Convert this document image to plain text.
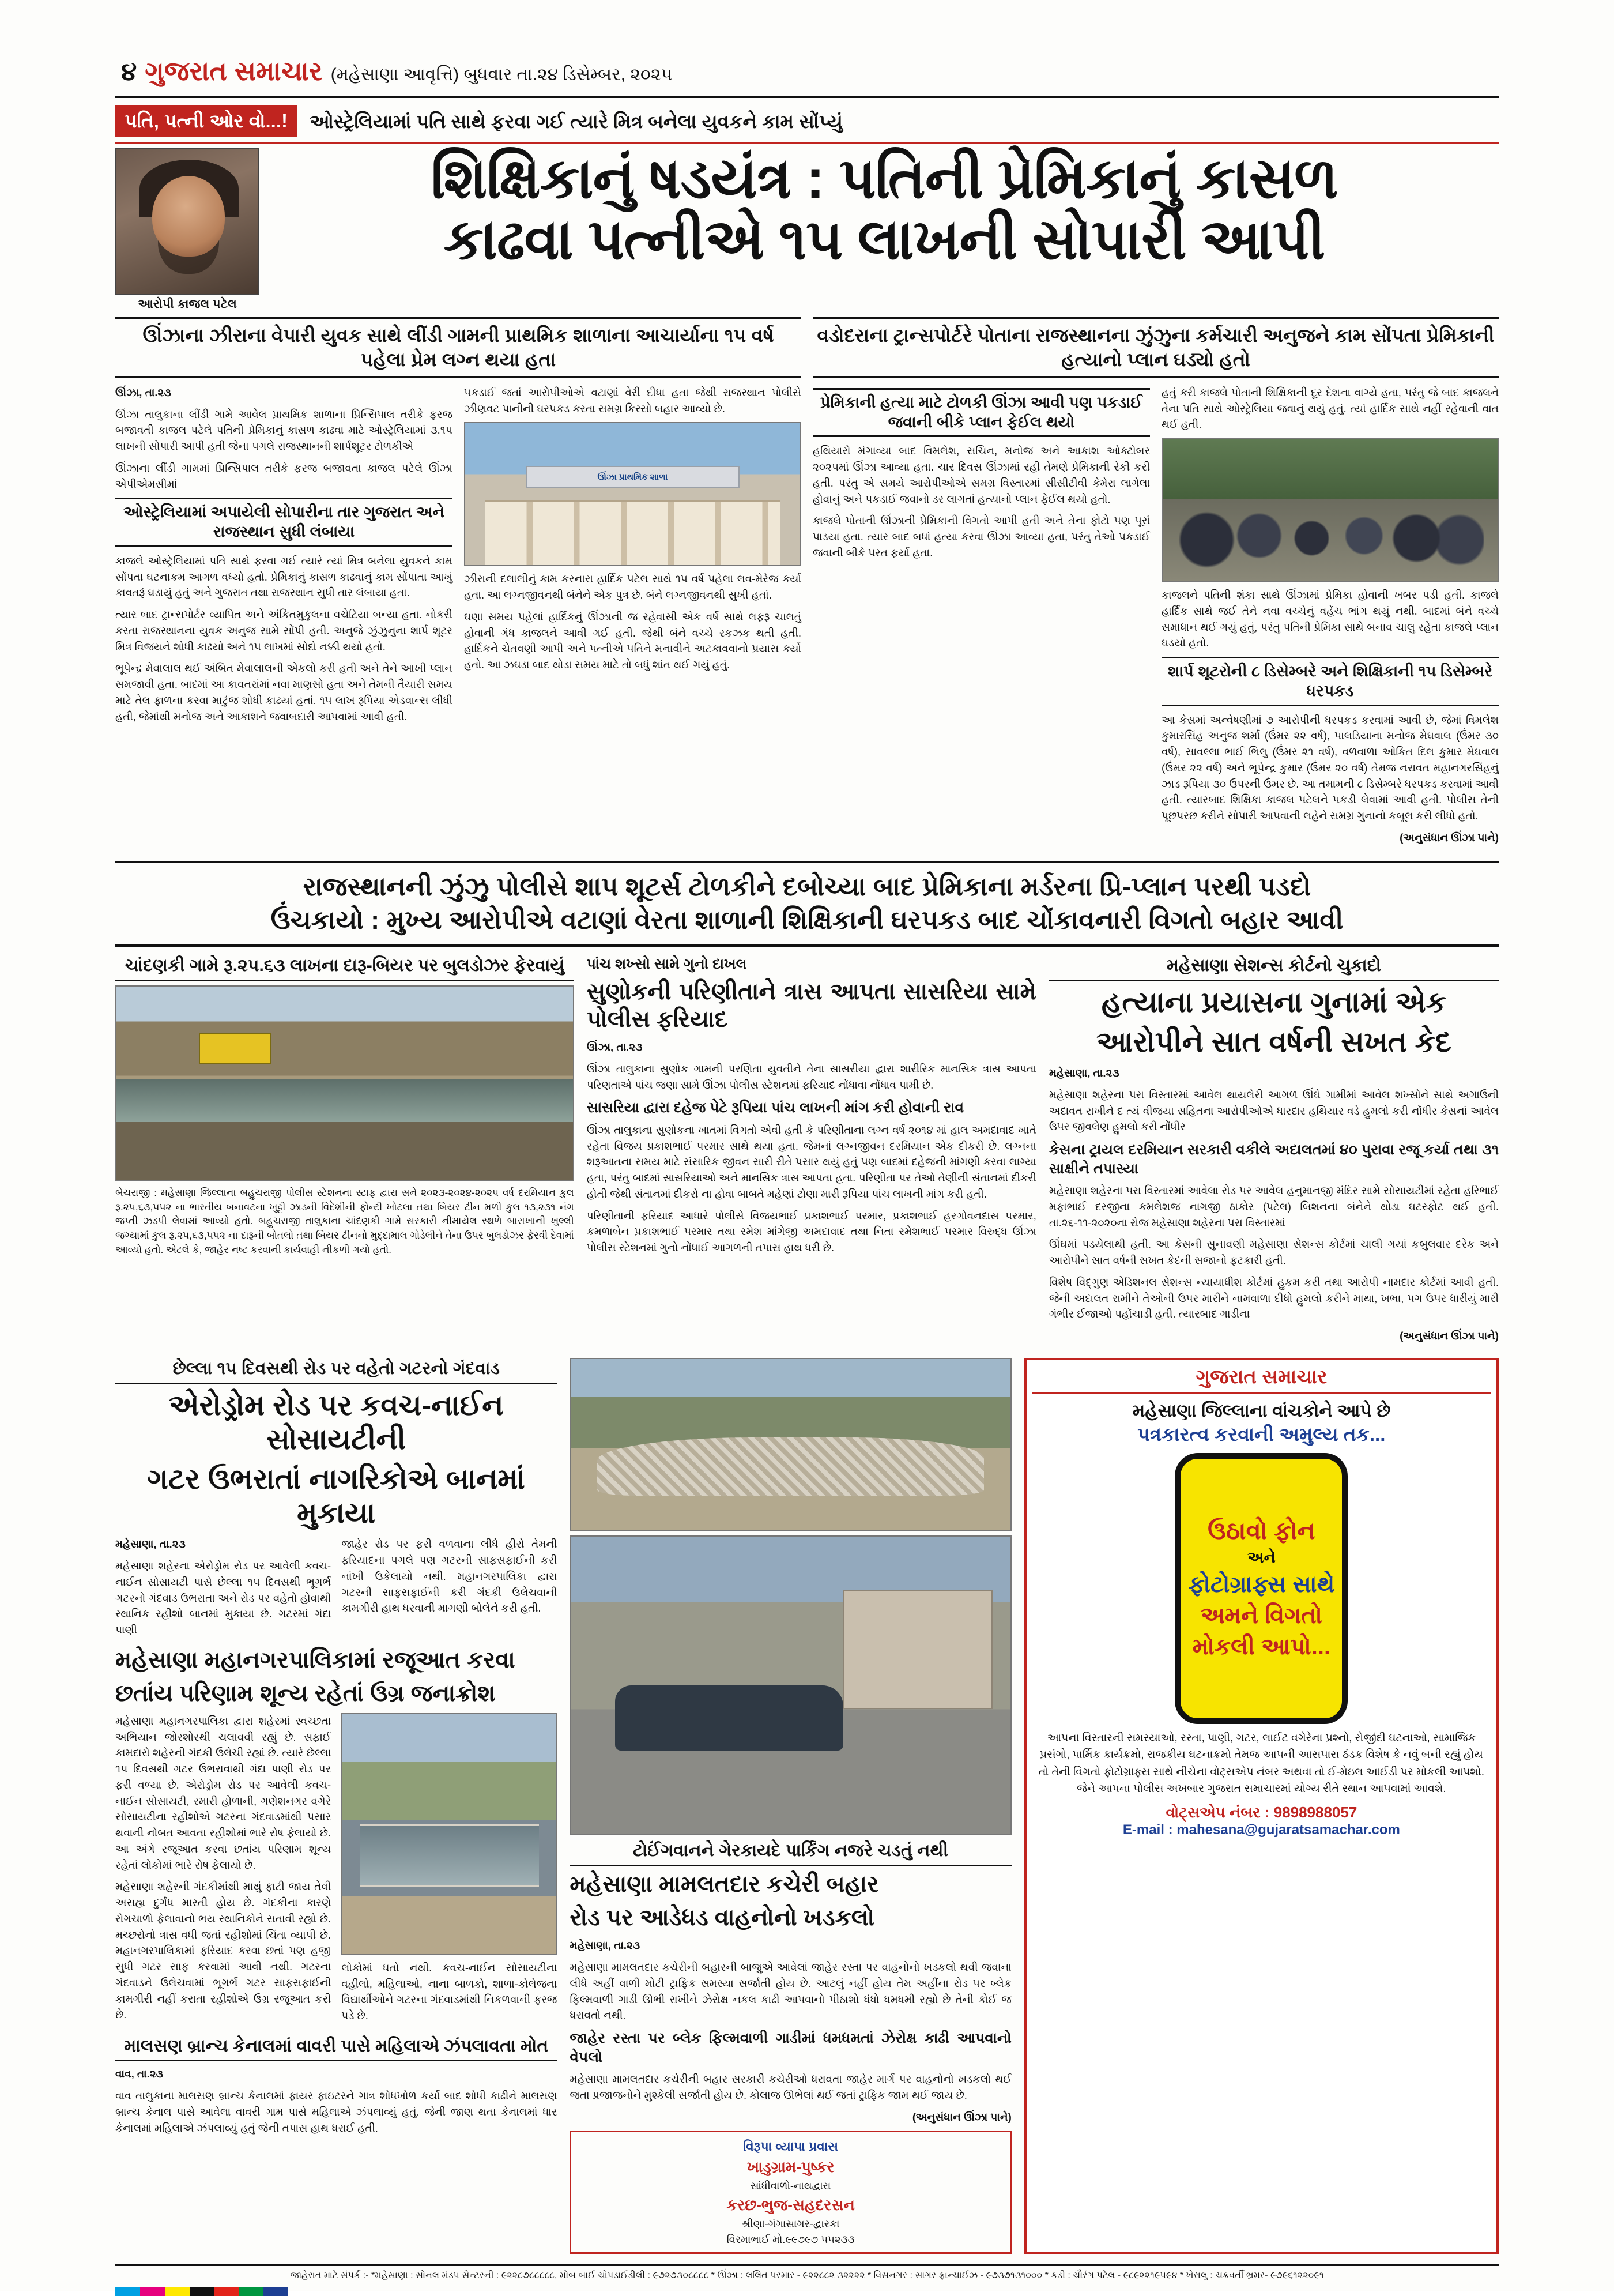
૪ ગુજરાત સમાચાર (મહેસાણા આવૃત્તિ) બુધવાર તા.૨૪ ડિસેમ્બર, ૨૦૨૫
પતિ, પત્ની ઓર વો...!	ઓસ્ટ્રેલિયામાં પતિ સાથે ફરવા ગઈ ત્યારે મિત્ર બનેલા યુવકને કામ સોંપ્યું
આરોપી કાજલ પટેલ
શિક્ષિકાનું ષડયંત્ર : પતિની પ્રેમિકાનું કાસળ
કાઢવા પત્નીએ ૧૫ લાખની સોપારી આપી
ઊંઝાના ઝીરાના વેપારી યુવક સાથે લીંડી ગામની પ્રાથમિક શાળાના આચાર્યાના ૧૫ વર્ષ પહેલા પ્રેમ લગ્ન થયા હતા
વડોદરાના ટ્રાન્સપોર્ટરે પોતાના રાજસ્થાનના ઝુંઝુના કર્મચારી અનુજને કામ સોંપતા પ્રેમિકાની હત્યાનો પ્લાન ઘડ્યો હતો

ઊંઝા, તા.૨૩

ઊંઝા તાલુકાના લીંડી ગામે આવેલ પ્રાથમિક શાળાના પ્રિન્સિપાલ તરીકે ફરજ બજાવતી કાજલ પટેલે પતિની પ્રેમિકાનું કાસળ કાઢવા માટે ઓસ્ટ્રેલિયામાં ૩.૧૫ લાખની સોપારી આપી હતી જેના પગલે રાજસ્થાનની શાર્પશૂટર ટોળકીએ

ઊંઝાના લીંડી ગામમાં પ્રિન્સિપાલ તરીકે ફરજ બજાવતા કાજલ પટેલે ઊંઝા એપીએમસીમાં

ઓસ્ટ્રેલિયામાં અપાયેલી સોપારીના તાર ગુજરાત અને રાજસ્થાન સુધી લંબાયા

કાજલે ઓસ્ટ્રેલિયામાં પતિ સાથે ફરવા ગઈ ત્યારે ત્યાં મિત્ર બનેલા યુવકને કામ સોંપતા ઘટનાક્રમ આગળ વધ્યો હતો. પ્રેમિકાનું કાસળ કાઢવાનું કામ સોંપાતા આખું કાવતરૂં ઘડાયું હતું અને ગુજરાત તથા રાજસ્થાન સુધી તાર લંબાયા હતા.

ત્યાર બાદ ટ્રાન્સપોર્ટર વ્યાપિત અને અંકિતમુકુલના વચેટિયા બન્યા હતા. નોકરી કરતા રાજસ્થાનના યુવક અનુજ સામે સોંપી હતી. અનુજે ઝુંઝુનુના શાર્પ શૂટર મિત્ર વિજયને શોધી કાઢયો અને ૧૫ લાખમાં સોદો નક્કી થયો હતો.

ભૂપેન્દ્ર મેવાલાલ થઈ અંબિત મેવાલાલની એકલો કરી હતી અને તેને આખી પ્લાન સમજાવી હતા. બાદમાં આ કાવતરાંમાં નવા માણસો હતા અને તેમની તૈયારી સમય માટે તેલ ફાળના કરવા માટુંજ શોધી કાઢયાં હતાં. ૧૫ લાખ રૂપિયા એડવાન્સ લીધી હતી, જેમાંથી મનોજ અને આકાશને જવાબદારી આપવામાં આવી હતી.

પકડાઈ જતાં આરોપીઓએ વટાણાં વેરી દીધા હતા જેથી રાજસ્થાન પોલીસે ઝીણવટ પાનીની ઘરપકડ કરતા સમગ્ર કિસ્સો બહાર આવ્યો છે.

ઊંઝા પ્રાથમિક શાળા

ઝીરાની દલાલીનું કામ કરનારા હાર્દિક પટેલ સાથે ૧૫ વર્ષ પહેલા લવ-મેરેજ કર્યા હતા. આ લગ્નજીવનથી બંનેને એક પુત્ર છે. બંને લગ્નજીવનથી સુખી હતાં.

ઘણા સમય પહેલાં હાર્દિકનું ઊંઝાની જ રહેવાસી એક વર્ષ સાથે લફરૂ ચાલતું હોવાની ગંધ કાજલને આવી ગઈ હતી. જેથી બંને વચ્ચે રકઝક થતી હતી. હાર્દિકને ચેતવણી આપી અને પત્નીએ પતિને મનાવીને અટકાવવાનો પ્રયાસ કર્યો હતો. આ ઝઘડા બાદ થોડા સમય માટે તો બધું શાંત થઈ ગયું હતું.

પ્રેમિકાની હત્યા માટે ટોળકી ઊંઝા આવી પણ પકડાઈ જવાની બીકે પ્લાન ફેઈલ થયો

હથિયારો મંગાવ્યા બાદ વિમલેશ, સચિન, મનોજ અને આકાશ ઓક્ટોબર ૨૦૨૫માં ઊંઝા આવ્યા હતા. ચાર દિવસ ઊંઝામાં રહી તેમણે પ્રેમિકાની રેકી કરી હતી. પરંતુ એ સમયે આરોપીઓએ સમગ્ર વિસ્તારમાં સીસીટીવી કેમેરા લાગેલા હોવાનું અને પકડાઈ જવાનો ડર લાગતાં હત્યાનો પ્લાન ફેઈલ થયો હતો.

કાજલે પોતાની ઊંઝાની પ્રેમિકાની વિગતો આપી હતી અને તેના ફોટો પણ પૂરાં પાડયા હતા. ત્યાર બાદ બધાં હત્યા કરવા ઊંઝા આવ્યા હતા, પરંતુ તેઓ પકડાઈ જવાની બીકે પરત ફર્યા હતા.

હતું કરી કાજલે પોતાની શિક્ષિકાની દૂર દેશના વાગ્યે હતા, પરંતુ જે બાદ કાજલને તેના પતિ સાથે ઓસ્ટ્રેલિયા જવાનું થયું હતું. ત્યાં હાર્દિક સાથે નહીં રહેવાની વાત થઈ હતી.

કાજલને પતિની શંકા સાથે ઊંઝામાં પ્રેમિકા હોવાની ખબર પડી હતી. કાજલે હાર્દિક સાથે જઈ તેને નવા વચ્ચેનું વહેંચ ભાંગ થયું નથી. બાદમાં બંને વચ્ચે સમાધાન થઈ ગયું હતું, પરંતુ પતિની પ્રેમિકા સાથે બનાવ ચાલુ રહેતા કાજલે પ્લાન ઘડયો હતો.

શાર્પ શૂટરોની ૮ ડિસેમ્બરે અને શિક્ષિકાની ૧૫ ડિસેમ્બરે ધરપકડ

આ કેસમાં અન્વેષણીમાં ૭ આરોપીની ધરપકડ કરવામાં આવી છે, જેમાં વિમલેશ કુમારસિંહ અનુજ શર્મા (ઉંમર ૨૨ વર્ષ), પાલડિયાના મનોજ મેઘવાલ (ઉંમર ૩૦ વર્ષ), સાવલ્લા ભાઈ ભિલુ (ઉંમર ૨૧ વર્ષ), વળવાળા ઓકિત દિલ કુમાર મેઘવાલ (ઉંમર ૨૨ વર્ષ) અને ભૂપેન્દ્ર કુમાર (ઉંમર ૨૦ વર્ષ) તેમજ નરાવત મહાનગરસિંહનું ઝાડ રૂપિયા ૩૦ ઉપરની ઉંમર છે. આ તમામની ૮ ડિસેમ્બરે ધરપકડ કરવામાં આવી હતી. ત્યારબાદ શિક્ષિકા કાજલ પટેલને પકડી લેવામાં આવી હતી. પોલીસ તેની પૂછપરછ કરીને સોપારી આપવાની લહેને સમગ્ર ગુનાનો કબૂલ કરી લીધો હતો.

(અનુસંધાન ઊંઝા પાને)

રાજસ્થાનની ઝુંઝુ પોલીસે શાપ શૂટર્સ ટોળકીને દબોચ્યા બાદ પ્રેમિકાના મર્ડરના પ્રિ-પ્લાન પરથી પડદો
ઉંચકાયો : મુખ્ય આરોપીએ વટાણાં વેરતા શાળાની શિક્ષિકાની ઘરપકડ બાદ ચોંકાવનારી વિગતો બહાર આવી
ચાંદણકી ગામે રૂ.૨૫.૬૩ લાખના દારૂ-બિયર પર બુલડોઝર ફેરવાયું

બેચરાજી : મહેસાણા જિલ્લાના બહુચરાજી પોલીસ સ્ટેશનના સ્ટાફ દ્વારા સને ૨૦૨૩-૨૦૨૪-૨૦૨૫ વર્ષ દરમિયાન કુલ રૂ.૨૫,૬૩,૫૫૨ ના ભારતીય બનાવટના ખુટ્ટી ઝાડની વિદેશીની ફોન્ટી ખોટલા તથા બિયર ટીન મળી કુલ ૧૩,૨૩૧ નંગ જપ્તી ઝડપી લેવામાં આવ્યો હતો. બહુચરાજી તાલુકાના ચાંદણકી ગામે સરકારી નીમાયેલ સ્થળે બારાખાની ખુલ્લી જગ્યામાં કુલ રૂ.૨૫,૬૩,૫૫૨ ના દારૂની બોતલો તથા બિયર ટીનનો મુદ્દામાલ ગોડેલીને તેના ઉપર બુલડોઝર ફેરવી દેવામાં આવ્યો હતો. એટલે કે, જાહેર નષ્ટ કરવાની કાર્યવાહી નીકળી ગયો હતો.

પાંચ શખ્સો સામે ગુનો દાખલ
સુણોકની પરિણીતાને ત્રાસ આપતા સાસરિયા સામે પોલીસ ફરિયાદ

ઊંઝા, તા.૨૩

ઊંઝા તાલુકાના સુણોક ગામની પરણિતા યુવતીને તેના સાસરીયા દ્વારા શારીરિક માનસિક ત્રાસ આપતા પરિણતાએ પાંચ જણા સામે ઊંઝા પોલીસ સ્ટેશનમાં ફરિયાદ નોંધાવા નોંધાવ પામી છે.

સાસરિયા દ્વારા દહેજ પેટે રૂપિયા પાંચ લાખની માંગ કરી હોવાની રાવ

ઊંઝા તાલુકાના સુણોકના ખાતમાં વિગતો એવી હતી કે પરિણીતાના લગ્ન વર્ષ ૨૦૧૪ માં હાલ અમદાવાદ ખાતે રહેતા વિજય પ્રકાશભાઈ પરમાર સાથે થયા હતા. જેમનાં લગ્નજીવન દરમિયાન એક દીકરી છે. લગ્નના શરૂઆતના સમય માટે સંસારિક જીવન સારી રીતે પસાર થયું હતું પણ બાદમાં દહેજની માંગણી કરવા લાગ્યા હતા, પરંતુ બાદમાં સાસરિયાઓ અને માનસિક ત્રાસ આપતા હતા. પરિણીતા પર તેઓ તેણીની સંતાનમાં દીકરી હોતી જેથી સંતાનમાં દીકરો ના હોવા બાબતે મહેણાં ટોણા મારી રૂપિયા પાંચ લાખની માંગ કરી હતી.

પરિણીતાની ફરિયાદ આધારે પોલીસે વિજયભાઈ પ્રકાશભાઈ પરમાર, પ્રકાશભાઈ હરગોવનદાસ પરમાર, કમળાબેન પ્રકાશભાઈ પરમાર તથા રમેશ માંગેજી અમદાવાદ તથા નિતા રમેશભાઈ પરમાર વિરુદ્ધ ઊંઝા પોલીસ સ્ટેશનમાં ગુનો નોંધાઈ આગળની તપાસ હાથ ધરી છે.

મહેસાણા સેશન્સ કોર્ટનો ચુકાદો
હત્યાના પ્રયાસના ગુનામાં એક
આરોપીને સાત વર્ષની સખત કેદ

મહેસાણા, તા.૨૩

મહેસાણા શહેરના પરા વિસ્તારમાં આવેલ થાયલેરી આગળ ઊંઘે ગામીમાં આવેલ શખ્સોને સાથે અગાઉની અદાવત રાખીને દ ત્યં વીજયા સહિતના આરોપીઓએ ધારદાર હથિયાર વડે હુમલો કરી નોંધીર કેસનાં આવેલ ઉપર જીવલેણ હુમલો કરી નોંધીર

કેસના ટ્રાયલ દરમિયાન સરકારી વકીલે અદાલતમાં ૪૦ પુરાવા રજૂ કર્યા તથા ૩૧ સાક્ષીને તપાસ્યા

મહેસાણા શહેરના પરા વિસ્તારમાં આવેલા રોડ પર આવેલ હનુમાનજી મંદિર સામે સોસાયટીમાં રહેતા હરિભાઈ મફાભાઈ દરજીના કમલેશજ નાગજી ઠાકોર (પટેલ) બિશનના બંનેને થોડા ઘટસ્ફોટ થઈ હતી. તા.૨૬-૧૧-૨૦૨૦ના રોજ મહેસાણા શહેરના પરા વિસ્તારમાં

ઊંઘમાં પડયેલાથી હતી. આ કેસની સુનાવણી મહેસાણા સેશન્સ કોર્ટમાં ચાલી ગયાં કબુલવાર દરેક અને આરોપીને સાત વર્ષની સખત કેદની સજાનો ફટકારી હતી.

વિશેષ વિદ્ગુણ એડિશનલ સેશન્સ ન્યાયાધીશ કોર્ટમાં હુકમ કરી તથા આરોપી નામદાર કોર્ટમાં આવી હતી. જેની અદાલત રામીને તેઓની ઉપર મારીને નામવાળા દીધો હુમલો કરીને માથા, ખભા, પગ ઉપર ધારીયું મારી ગંભીર ઈજાઓ પહોંચાડી હતી. ત્યારબાદ ગાડીના

(અનુસંધાન ઊંઝા પાને)

છેલ્લા ૧૫ દિવસથી રોડ પર વહેતો ગટરનો ગંદવાડ
એરોડ્રોમ રોડ પર કવચ-નાઈન સોસાયટીની
ગટર ઉભરાતાં નાગરિકોએ બાનમાં મુકાયા

મહેસાણા, તા.૨૩

મહેસાણા શહેરના એરોડ્રોમ રોડ પર આવેલી કવચ-નાઈન સોસાયટી પાસે છેલ્લા ૧૫ દિવસથી ભૂગર્ભ ગટરનો ગંદવાડ ઉભરાતા અને રોડ પર વહેતો હોવાથી સ્થાનિક રહીશો બાનમાં મુકાયા છે. ગટરમાં ગંદા પાણી

જાહેર રોડ પર ફરી વળવાના લીધે હીરો તેમની ફરિયાદના પગલે પણ ગટરની સાફસફાઈની કરી નાંખી ઉકેલાયો નથી. મહાનગરપાલિકા દ્વારા ગટરની સાફસફાઈની કરી ગંદકી ઉલેચવાની કામગીરી હાથ ધરવાની માગણી બોલેને કરી હતી.

મહેસાણા મહાનગરપાલિકામાં રજૂઆત કરવા
છતાંય પરિણામ શૂન્ય રહેતાં ઉગ્ર જનાક્રોશ

મહેસાણા મહાનગરપાલિકા દ્વારા શહેરમાં સ્વચ્છતા અભિયાન જોરશોરથી ચલાવવી રહ્યું છે. સફાઈ કામદારો શહેરની ગંદકી ઉલેચી રહ્યાં છે. ત્યારે છેલ્લા ૧૫ દિવસથી ગટર ઉભરાવાથી ગંદા પાણી રોડ પર ફરી વળ્યા છે. એરોડ્રોમ રોડ પર આવેલી કવચ-નાઈન સોસાયટી, રમારી હોળાની, ગણેશનગર વગેરે સોસાયટીના રહીશોએ ગટરના ગંદવાડમાંથી પસાર થવાની નોબત આવતા રહીશોમાં ભારે રોષ ફેલાયો છે. આ અંગે રજૂઆત કરવા છતાંય પરિણામ શૂન્ય રહેતાં લોકોમાં ભારે રોષ ફેલાયો છે.

મહેસાણા શહેરની ગંદકીમાંથી માથું ફાટી જાય તેવી અસહ્ય દુર્ગંધ મારતી હોય છે. ગંદકીના કારણે રોગચાળો ફેલાવાનો ભય સ્થાનિકોને સતાવી રહ્યો છે. મચ્છરોનો ત્રાસ વધી જતાં રહીશોમાં ચિંતા વ્યાપી છે. મહાનગરપાલિકામાં ફરિયાદ કરવા છતાં પણ હજી સુધી ગટર સાફ કરવામાં આવી નથી. ગટરના ગંદવાડને ઉલેચવામાં ભૂગર્ભ ગટર સાફસફાઈની કામગીરી નહીં કરાતા રહીશોએ ઉગ્ર રજૂઆત કરી છે.

લોકોમાં ધતો નથી. કવચ-નાઈન સોસાયટીના વહીલો, મહિલાઓ, નાના બાળકો, શાળા-કોલેજના વિદ્યાર્થીઓને ગટરના ગંદવાડમાંથી નિકળવાની ફરજ પડે છે.

માલસણ બ્રાન્ચ કેનાલમાં વાવરી પાસે મહિલાએ ઝંપલાવતા મોત

વાવ, તા.૨૩

વાવ તાલુકાના માલસણ બ્રાન્ચ કેનાલમાં ફાયર ફાઇટરને ગાત્ર શોધખોળ કર્યા બાદ શોધી કાઢીને માલસણ બ્રાન્ચ કેનાલ પાસે આવેલા વાવરી ગામ પાસે મહિલાએ ઝંપલાવ્યું હતું. જેની જાણ થતા કેનાલમાં ધાર કેનાલમાં મહિલાએ ઝંપલાવ્યું હતું જેની તપાસ હાથ ધરાઈ હતી.

ટોઈંગવાનને ગેરકાયદે પાર્કિંગ નજરે ચડતું નથી
મહેસાણા મામલતદાર કચેરી બહાર
રોડ પર આડેધડ વાહનોનો ખડકલો

મહેસાણા, તા.૨૩

મહેસાણા મામલતદાર કચેરીની બહારની બાજુએ આવેલાં જાહેર રસ્તા પર વાહનોનો ખડકલો થવી જવાના લીધે અહીં વાળી મોટી ટ્રાફિક સમસ્યા સર્જાતી હોય છે. આટલું નહીં હોય તેમ અહીંના રોડ પર બ્લેક ફિલ્મવાળી ગાડી ઊભી રાખીને ઝેરોક્ષ નકલ કાઢી આપવાનો પીઠાશો ધંધો ધમધમી રહ્યો છે તેની કોઈ જ ધરાવતો નથી.

જાહેર રસ્તા પર બ્લેક ફિલ્મવાળી ગાડીમાં ધમધમતાં ઝેરોક્ષ કાઢી આપવાનો વેપલો

મહેસાણા મામલતદાર કચેરીની બહાર સરકારી કચેરીઓ ધરાવતા જાહેર માર્ગ પર વાહનોનો ખડકલો થઈ જતા પ્રજાજનોને મુશ્કેલી સર્જાતી હોય છે. કોલાજ ઊભેલાં થઈ જતાં ટ્રાફિક જામ થઈ જાય છે.

(અનુસંધાન ઊંઝા પાને)

વિરૂપા વ્યાપા પ્રવાસ
ખાડુગ્રામ-પુષ્કર
સાંધીવાળો-નાથદ્વારા
કરછ-ભુજ-સહદરસન
શ્રીણા-ગંગાસાગર-દ્વારકા
વિરમાભાઈ મો.૯૯૭૯૭ ૫૫૨૩૩
ગુજરાત સમાચાર
મહેસાણા જિલ્લાના વાંચકોને આપે છે
પત્રકારત્વ કરવાની અમુલ્ય તક...
ઉઠાવો ફોન
અને
ફોટોગ્રાફ્સ સાથે
અમને વિગતો
મોકલી આપો...
આપના વિસ્તારની સમસ્યાઓ, રસ્તા, પાણી, ગટર, લાઈટ વગેરેના પ્રશ્નો, રોજીંદી ઘટનાઓ, સામાજિક પ્રસંગો, પાર્મિક કાર્યક્રમો, રાજકીય ઘટનાક્રમો તેમજ આપની આસપાસ ઠંડક વિશેષ કે નવું બની રહ્યું હોય તો તેની વિગતો ફોટોગ્રાફ્સ સાથે નીચેના વોટ્સએપ નંબર અથવા તો ઈ-મેઇલ આઈડી પર મોકલી આપશો. જેને આપના પોલીસ અખબાર ગુજરાત સમાચારમાં યોગ્ય રીતે સ્થાન આપવામાં આવશે.
વોટ્સએપ નંબર : 9898988057
E-mail : mahesana@gujaratsamachar.com
જાહેરાત માટે સંપર્ક :- *મહેસાણા : સોનલ મંડપ સેન્ટરની : ૯૨૨૮૭૮૮૮૮૮, મોબ બાઈ ચોપડાઈડીલી : ૯૭૨૭૩૦૮૮૮૮ * ઊંઝા : લલિત પરમાર - ૯૨૨૮૮૨ ૩૨૨૨૨ * વિસનગર : સાગર ફ્રાન્ચાઈઝ - ૯૭૩૭૧૩૧૦૦૦ * કડી : ચૌરંગ પટેલ - ૯૮૯૨૨૧૯૫૯૪ * ખેરાલુ : ચક્રવર્તી ભ્રમર- ૯૭૯૬૧૨૨૦૯૧
